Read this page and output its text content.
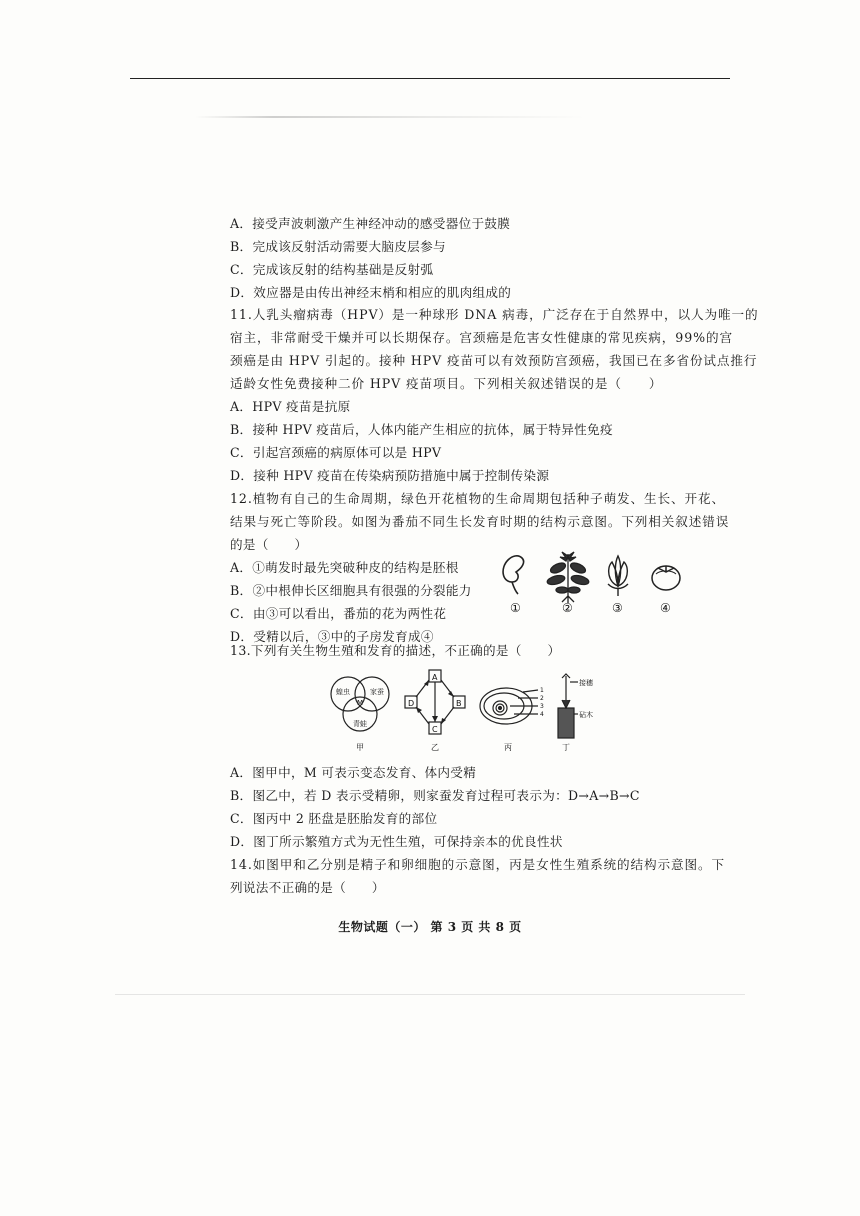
A．接受声波刺激产生神经冲动的感受器位于鼓膜
B．完成该反射活动需要大脑皮层参与
C．完成该反射的结构基础是反射弧
D．效应器是由传出神经末梢和相应的肌肉组成的
11.人乳头瘤病毒（HPV）是一种球形 DNA 病毒，广泛存在于自然界中，以人为唯一的
宿主，非常耐受干燥并可以长期保存。宫颈癌是危害女性健康的常见疾病，99%的宫
颈癌是由 HPV 引起的。接种 HPV 疫苗可以有效预防宫颈癌，我国已在多省份试点推行
适龄女性免费接种二价 HPV 疫苗项目。下列相关叙述错误的是（　　）
A．HPV 疫苗是抗原
B．接种 HPV 疫苗后，人体内能产生相应的抗体，属于特异性免疫
C．引起宫颈癌的病原体可以是 HPV
D．接种 HPV 疫苗在传染病预防措施中属于控制传染源
12.植物有自己的生命周期，绿色开花植物的生命周期包括种子萌发、生长、开花、
结果与死亡等阶段。如图为番茄不同生长发育时期的结构示意图。下列相关叙述错误
的是（　　）
A．①萌发时最先突破种皮的结构是胚根
B．②中根伸长区细胞具有很强的分裂能力
C．由③可以看出，番茄的花为两性花
D．受精以后，③中的子房发育成④
①	②	③	④
13.下列有关生物生殖和发育的描述，不正确的是（　　）
蝗虫	家蚕
M
青蛙
甲
A
B
C
D
乙
1
2
3
4
丙
接穗
砧木
丁
A．图甲中，M 可表示变态发育、体内受精
B．图乙中，若 D 表示受精卵，则家蚕发育过程可表示为：D→A→B→C
C．图丙中 2 胚盘是胚胎发育的部位
D．图丁所示繁殖方式为无性生殖，可保持亲本的优良性状
14.如图甲和乙分别是精子和卵细胞的示意图，丙是女性生殖系统的结构示意图。下
列说法不正确的是（　　）
生物试题（一） 第 3 页 共 8 页
